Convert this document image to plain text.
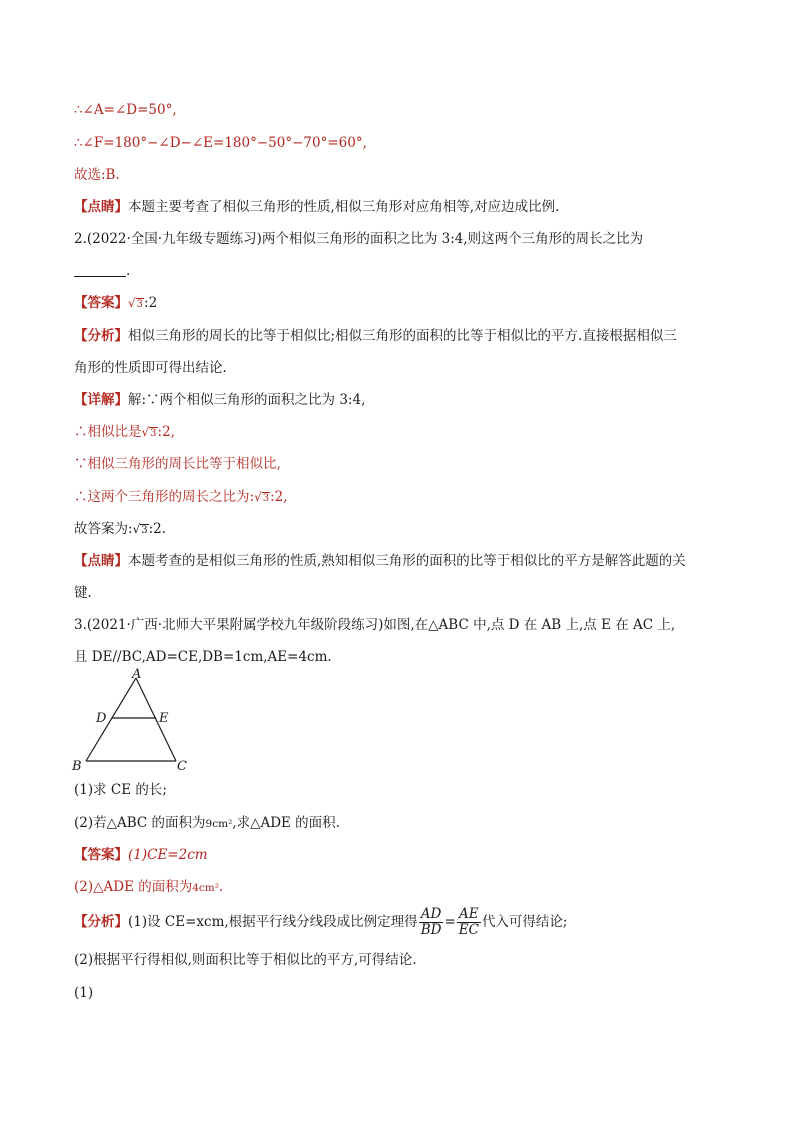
∴∠A=∠D=50°,
∴∠F=180°−∠D−∠E=180°−50°−70°=60°,
故选:B.
【点睛】本题主要考查了相似三角形的性质,相似三角形对应角相等,对应边成比例.
2.(2022·全国·九年级专题练习)两个相似三角形的面积之比为 3:4,则这两个三角形的周长之比为
.
【答案】√3:2
【分析】相似三角形的周长的比等于相似比;相似三角形的面积的比等于相似比的平方.直接根据相似三
角形的性质即可得出结论.
【详解】解:∵两个相似三角形的面积之比为 3:4,
∴相似比是√3:2,
∵相似三角形的周长比等于相似比,
∴这两个三角形的周长之比为:√3:2,
故答案为:√3:2.
【点睛】本题考查的是相似三角形的性质,熟知相似三角形的面积的比等于相似比的平方是解答此题的关
键.
3.(2021·广西·北师大平果附属学校九年级阶段练习)如图,在△ABC 中,点 D 在 AB 上,点 E 在 AC 上,
且 DE//BC,AD=CE,DB=1cm,AE=4cm.
A
D	E
B	C
(1)求 CE 的长;
(2)若△ABC 的面积为9cm²,求△ADE 的面积.
【答案】(1)CE=2cm
(2)△ADE 的面积为4cm².
【分析】(1)设 CE=xcm,根据平行线分线段成比例定理得 $\frac{AD}{BD} = \frac{AE}{EC}$ 代入可得结论;
(2)根据平行得相似,则面积比等于相似比的平方,可得结论.
(1)
